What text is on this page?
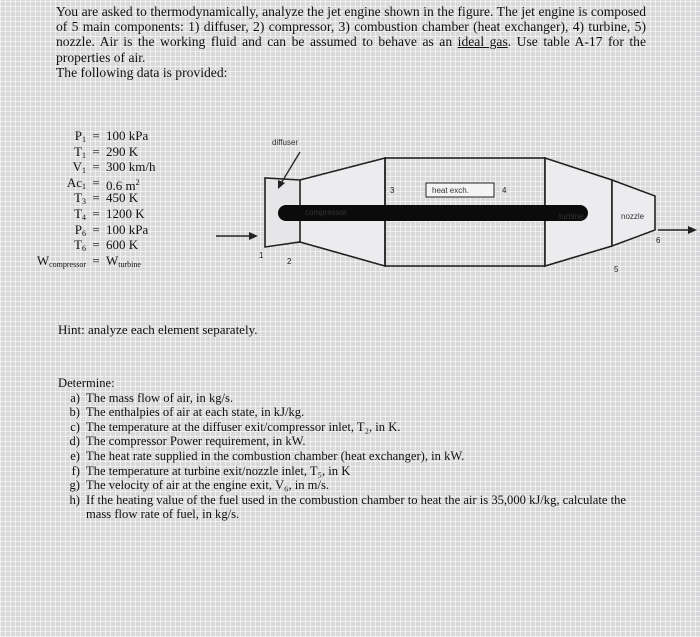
You are asked to thermodynamically, analyze the jet engine shown in the figure. The jet engine is composed of 5 main components: 1) diffuser, 2) compressor, 3) combustion chamber (heat exchanger), 4) turbine, 5) nozzle. Air is the working fluid and can be assumed to behave as an ideal gas. Use table A-17 for the properties of air.
The following data is provided:
$P_1 = 100$ kPa
$T_1 = 290$ K
$V_1 = 300$ km/h
$Ac_1 = 0.6$ $m^2$
$T_3 = 450$ K
$T_4 = 1200$ K
$P_6 = 100$ kPa
$T_6 = 600$ K
$W_{compressor} = W_{turbine}$
diffuser
compressor
heat exch.
turbine	nozzle
1
2
3	4
5
6
Hint: analyze each element separately.
Determine:
a) The mass flow of air, in kg/s.
b) The enthalpies of air at each state, in kJ/kg.
c) The temperature at the diffuser exit/compressor inlet, T₂, in K.
d) The compressor Power requirement, in kW.
e) The heat rate supplied in the combustion chamber (heat exchanger), in kW.
f) The temperature at turbine exit/nozzle inlet, T₅, in K
g) The velocity of air at the engine exit, V₆, in m/s.
h) If the heating value of the fuel used in the combustion chamber to heat the air is 35,000 kJ/kg, calculate the mass flow rate of fuel, in kg/s.
